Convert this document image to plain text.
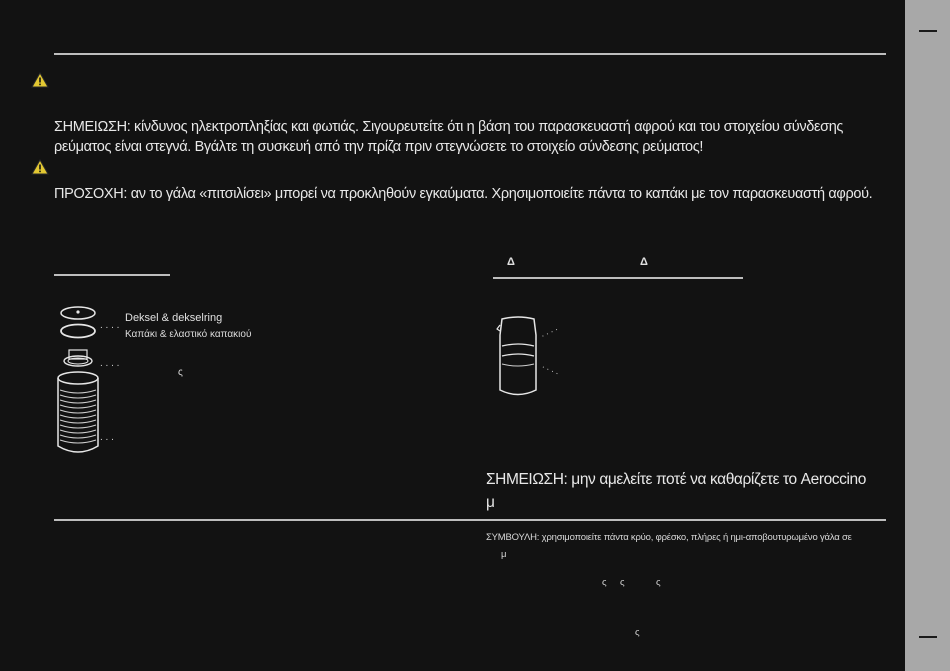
ΣΗΜΕΙΩΣΗ: κίνδυνος ηλεκτροπληξίας και φωτιάς. Σιγουρευτείτε ότι η βάση του παρασκευαστή αφρού και του στοιχείου σύνδεσης
ρεύματος είναι στεγνά. Βγάλτε τη συσκευή από την πρίζα πριν στεγνώσετε το στοιχείο σύνδεσης ρεύματος!
ΠΡΟΣΟΧΗ: αν το γάλα «πιτσιλίσει» μπορεί να προκληθούν εγκαύματα. Χρησιμοποιείτε πάντα το καπάκι με τον παρασκευαστή αφρού.
. . . .
. . . .
. . .
Deksel & dekselring
Καπάκι & ελαστικό καπακιού
ς
Δ	Δ
. . . .
. . . .
ΣΗΜΕΙΩΣΗ: μην αμελείτε ποτέ να καθαρίζετε το Aeroccino
μ
ΣΥΜΒΟΥΛΗ: χρησιμοποιείτε πάντα κρύο, φρέσκο, πλήρες ή ημι-αποβουτυρωμένο γάλα σε
μ
ς ς	ς
ς
